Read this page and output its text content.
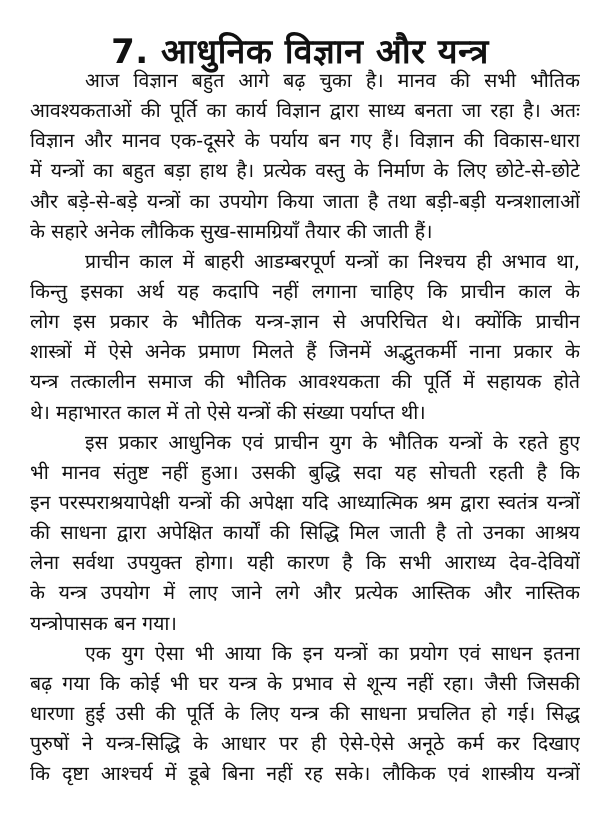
7. आधुनिक विज्ञान और यन्त्र
आज विज्ञान बहुत आगे बढ़ चुका है। मानव की सभी भौतिक
आवश्यकताओं की पूर्ति का कार्य विज्ञान द्वारा साध्य बनता जा रहा है। अतः
विज्ञान और मानव एक-दूसरे के पर्याय बन गए हैं। विज्ञान की विकास-धारा
में यन्त्रों का बहुत बड़ा हाथ है। प्रत्येक वस्तु के निर्माण के लिए छोटे-से-छोटे
और बड़े-से-बड़े यन्त्रों का उपयोग किया जाता है तथा बड़ी-बड़ी यन्त्रशालाओं
के सहारे अनेक लौकिक सुख-सामग्रियाँ तैयार की जाती हैं।
प्राचीन काल में बाहरी आडम्बरपूर्ण यन्त्रों का निश्चय ही अभाव था,
किन्तु इसका अर्थ यह कदापि नहीं लगाना चाहिए कि प्राचीन काल के
लोग इस प्रकार के भौतिक यन्त्र-ज्ञान से अपरिचित थे। क्योंकि प्राचीन
शास्त्रों में ऐसे अनेक प्रमाण मिलते हैं जिनमें अद्भुतकर्मी नाना प्रकार के
यन्त्र तत्कालीन समाज की भौतिक आवश्यकता की पूर्ति में सहायक होते
थे। महाभारत काल में तो ऐसे यन्त्रों की संख्या पर्याप्त थी।
इस प्रकार आधुनिक एवं प्राचीन युग के भौतिक यन्त्रों के रहते हुए
भी मानव संतुष्ट नहीं हुआ। उसकी बुद्धि सदा यह सोचती रहती है कि
इन परस्पराश्रयापेक्षी यन्त्रों की अपेक्षा यदि आध्यात्मिक श्रम द्वारा स्वतंत्र यन्त्रों
की साधना द्वारा अपेक्षित कार्यों की सिद्धि मिल जाती है तो उनका आश्रय
लेना सर्वथा उपयुक्त होगा। यही कारण है कि सभी आराध्य देव-देवियों
के यन्त्र उपयोग में लाए जाने लगे और प्रत्येक आस्तिक और नास्तिक
यन्त्रोपासक बन गया।
एक युग ऐसा भी आया कि इन यन्त्रों का प्रयोग एवं साधन इतना
बढ़ गया कि कोई भी घर यन्त्र के प्रभाव से शून्य नहीं रहा। जैसी जिसकी
धारणा हुई उसी की पूर्ति के लिए यन्त्र की साधना प्रचलित हो गई। सिद्ध
पुरुषों ने यन्त्र-सिद्धि के आधार पर ही ऐसे-ऐसे अनूठे कर्म कर दिखाए
कि दृष्टा आश्चर्य में डूबे बिना नहीं रह सके। लौकिक एवं शास्त्रीय यन्त्रों
